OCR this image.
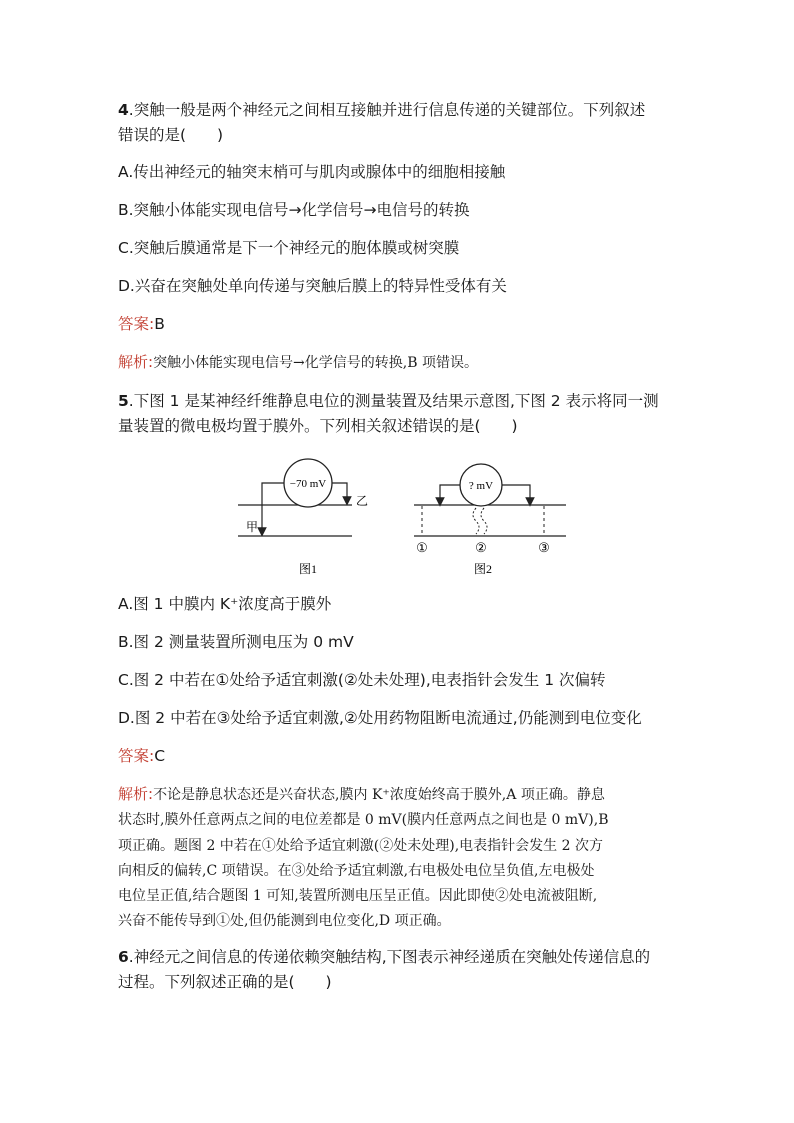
4.突触一般是两个神经元之间相互接触并进行信息传递的关键部位。下列叙述
错误的是(　　)
A.传出神经元的轴突末梢可与肌肉或腺体中的细胞相接触
B.突触小体能实现电信号→化学信号→电信号的转换
C.突触后膜通常是下一个神经元的胞体膜或树突膜
D.兴奋在突触处单向传递与突触后膜上的特异性受体有关
答案:B
解析:突触小体能实现电信号→化学信号的转换,B 项错误。
5.下图 1 是某神经纤维静息电位的测量装置及结果示意图,下图 2 表示将同一测
量装置的微电极均置于膜外。下列相关叙述错误的是(　　)
−70 mV
乙
甲
图1
? mV
①	②	③
图2
A.图 1 中膜内 K⁺浓度高于膜外
B.图 2 测量装置所测电压为 0 mV
C.图 2 中若在①处给予适宜刺激(②处未处理),电表指针会发生 1 次偏转
D.图 2 中若在③处给予适宜刺激,②处用药物阻断电流通过,仍能测到电位变化
答案:C
解析:不论是静息状态还是兴奋状态,膜内 K⁺浓度始终高于膜外,A 项正确。静息
状态时,膜外任意两点之间的电位差都是 0 mV(膜内任意两点之间也是 0 mV),B
项正确。题图 2 中若在①处给予适宜刺激(②处未处理),电表指针会发生 2 次方
向相反的偏转,C 项错误。在③处给予适宜刺激,右电极处电位呈负值,左电极处
电位呈正值,结合题图 1 可知,装置所测电压呈正值。因此即使②处电流被阻断,
兴奋不能传导到①处,但仍能测到电位变化,D 项正确。
6.神经元之间信息的传递依赖突触结构,下图表示神经递质在突触处传递信息的
过程。下列叙述正确的是(　　)
